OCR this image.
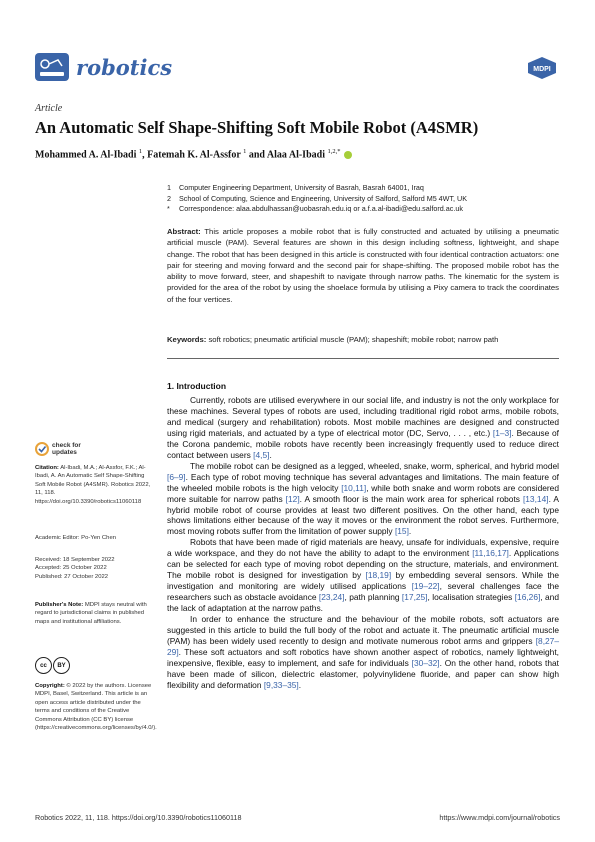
robotics	MDPI
Article
An Automatic Self Shape-Shifting Soft Mobile Robot (A4SMR)
Mohammed A. Al-Ibadi $^1$, Fatemah K. Al-Assfor $^1$ and Alaa Al-Ibadi $^{1,2,*}$
1	Computer Engineering Department, University of Basrah, Basrah 64001, Iraq
2	School of Computing, Science and Engineering, University of Salford, Salford M5 4WT, UK
*	Correspondence: alaa.abdulhassan@uobasrah.edu.iq or a.f.a.al-ibadi@edu.salford.ac.uk
Abstract: This article proposes a mobile robot that is fully constructed and actuated by utilising a pneumatic artificial muscle (PAM). Several features are shown in this design including softness, lightweight, and shape change. The robot that has been designed in this article is constructed with four identical contraction actuators: one pair for steering and moving forward and the second pair for shape-shifting. The proposed mobile robot has the ability to move forward, steer, and shapeshift to navigate through narrow paths. The kinematic for the system is provided for the area of the robot by using the shoelace formula by utilising a Pixy camera to track the coordinates of the four vertices.
Keywords: soft robotics; pneumatic artificial muscle (PAM); shapeshift; mobile robot; narrow path
1. Introduction

Currently, robots are utilised everywhere in our social life, and industry is not the only workplace for these machines. Several types of robots are used, including traditional rigid robot arms, mobile robots, and medical (surgery and rehabilitation) robots. Most mobile machines are designed and constructed using rigid materials, and actuated by a type of electrical motor (DC, Servo, . . . , etc.) [1–3]. Because of the Corona pandemic, mobile robots have recently been increasingly frequently used to reduce direct contact between users [4,5].

The mobile robot can be designed as a legged, wheeled, snake, worm, spherical, and hybrid model [6–9]. Each type of robot moving technique has several advantages and limitations. The main feature of the wheeled mobile robots is the high velocity [10,11], while both snake and worm robots are considered more suitable for narrow paths [12]. A smooth floor is the main work area for spherical robots [13,14]. A hybrid mobile robot of course provides at least two different positives. On the other hand, each type shows limitations either because of the way it moves or the environment the robot serves. Furthermore, most moving robots suffer from the limitation of power supply [15].

Robots that have been made of rigid materials are heavy, unsafe for individuals, expensive, require a wide workspace, and they do not have the ability to adapt to the environment [11,16,17]. Applications can be selected for each type of moving robot depending on the structure, materials, and environment. The mobile robot is designed for investigation by [18,19] by embedding several sensors. While the investigation and monitoring are widely utilised applications [19–22], several challenges face the researchers such as obstacle avoidance [23,24], path planning [17,25], localisation strategies [16,26], and the lack of adaptation at the narrow paths.

In order to enhance the structure and the behaviour of the mobile robots, soft actuators are suggested in this article to build the full body of the robot and actuate it. The pneumatic artificial muscle (PAM) has been widely used recently to design and motivate numerous robot arms and grippers [8,27–29]. These soft actuators and soft robotics have shown another aspect of robotics, namely lightweight, inexpensive, flexible, easy to implement, and safe for individuals [30–32]. On the other hand, robots that have been made of silicon, dielectric elastomer, polyvinylidene fluoride, and paper can show high flexibility and deformation [9,33–35].

check for updates
Citation: Al-Ibadi, M.A.; Al-Assfor, F.K.; Al-Ibadi, A. An Automatic Self Shape-Shifting Soft Mobile Robot (A4SMR). Robotics 2022, 11, 118. https://doi.org/10.3390/robotics11060118
Academic Editor: Po-Yen Chen
Received: 18 September 2022
Accepted: 25 October 2022
Published: 27 October 2022
Publisher's Note: MDPI stays neutral with regard to jurisdictional claims in published maps and institutional affiliations.
cc	BY
Copyright: © 2022 by the authors. Licensee MDPI, Basel, Switzerland. This article is an open access article distributed under the terms and conditions of the Creative Commons Attribution (CC BY) license (https://creativecommons.org/licenses/by/4.0/).
Robotics 2022, 11, 118. https://doi.org/10.3390/robotics11060118	https://www.mdpi.com/journal/robotics
